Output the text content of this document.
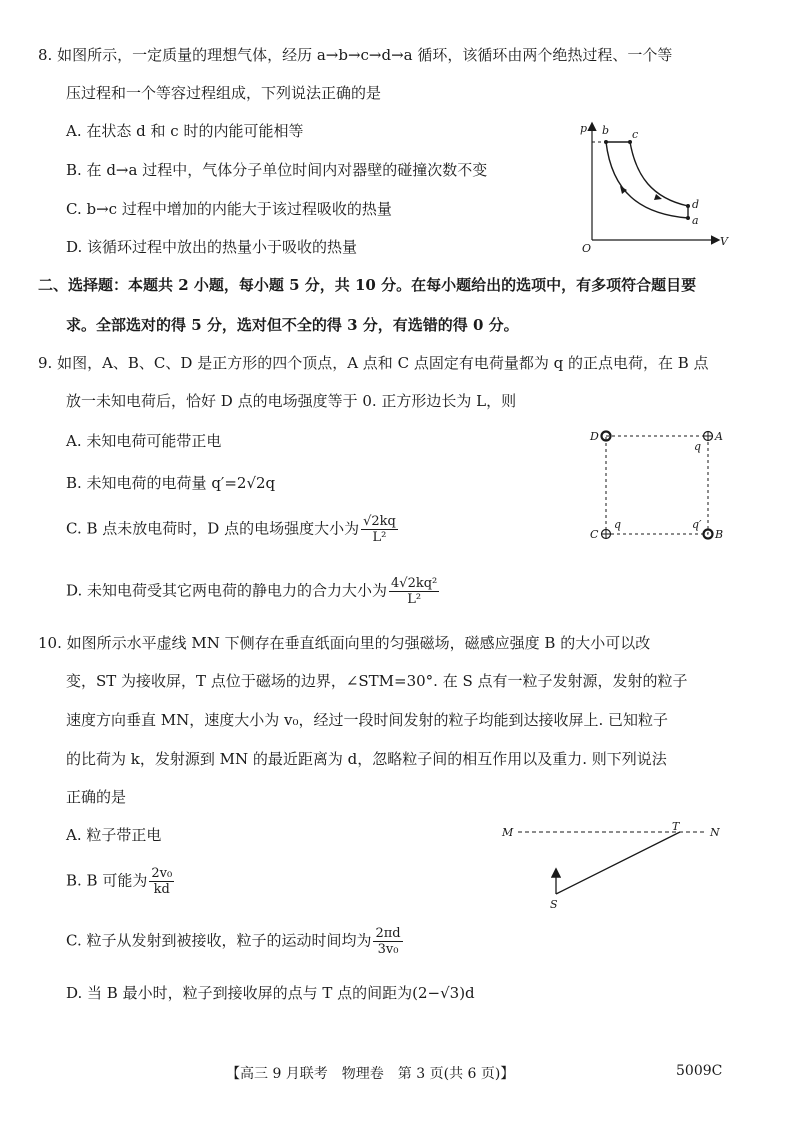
8. 如图所示，一定质量的理想气体，经历 a→b→c→d→a 循环，该循环由两个绝热过程、一个等
压过程和一个等容过程组成，下列说法正确的是
A. 在状态 d 和 c 时的内能可能相等
B. 在 d→a 过程中，气体分子单位时间内对器壁的碰撞次数不变
C. b→c 过程中增加的内能大于该过程吸收的热量
D. 该循环过程中放出的热量小于吸收的热量
p
V
O
b c
d
a
二、选择题：本题共 2 小题，每小题 5 分，共 10 分。在每小题给出的选项中，有多项符合题目要
求。全部选对的得 5 分，选对但不全的得 3 分，有选错的得 0 分。
9. 如图，A、B、C、D 是正方形的四个顶点，A 点和 C 点固定有电荷量都为 q 的正点电荷，在 B 点
放一未知电荷后，恰好 D 点的电场强度等于 0. 正方形边长为 L，则
A. 未知电荷可能带正电
B. 未知电荷的电荷量 q′=2√2q
C. B 点未放电荷时，D 点的电场强度大小为 $\frac{√2kq}{\text{L²}}$
D. 未知电荷受其它两电荷的静电力的合力大小为 $\frac{\text{4√2kq²}}{\text{L²}}$
D	A
C	B
q
q	q′
10. 如图所示水平虚线 MN 下侧存在垂直纸面向里的匀强磁场，磁感应强度 B 的大小可以改
变，ST 为接收屏，T 点位于磁场的边界，∠STM=30°. 在 S 点有一粒子发射源，发射的粒子
速度方向垂直 MN，速度大小为 v₀，经过一段时间发射的粒子均能到达接收屏上. 已知粒子
的比荷为 k，发射源到 MN 的最近距离为 d，忽略粒子间的相互作用以及重力. 则下列说法
正确的是
A. 粒子带正电
B. B 可能为 $\frac{\text{2v₀}}{kd}$
C. 粒子从发射到被接收，粒子的运动时间均为 $\frac{2\pi d}{\text{3v₀}}$
D. 当 B 最小时，粒子到接收屏的点与 T 点的间距为(2−√3)d
M	N
T
S
【高三 9 月联考　物理卷　第 3 页(共 6 页)】	5009C
